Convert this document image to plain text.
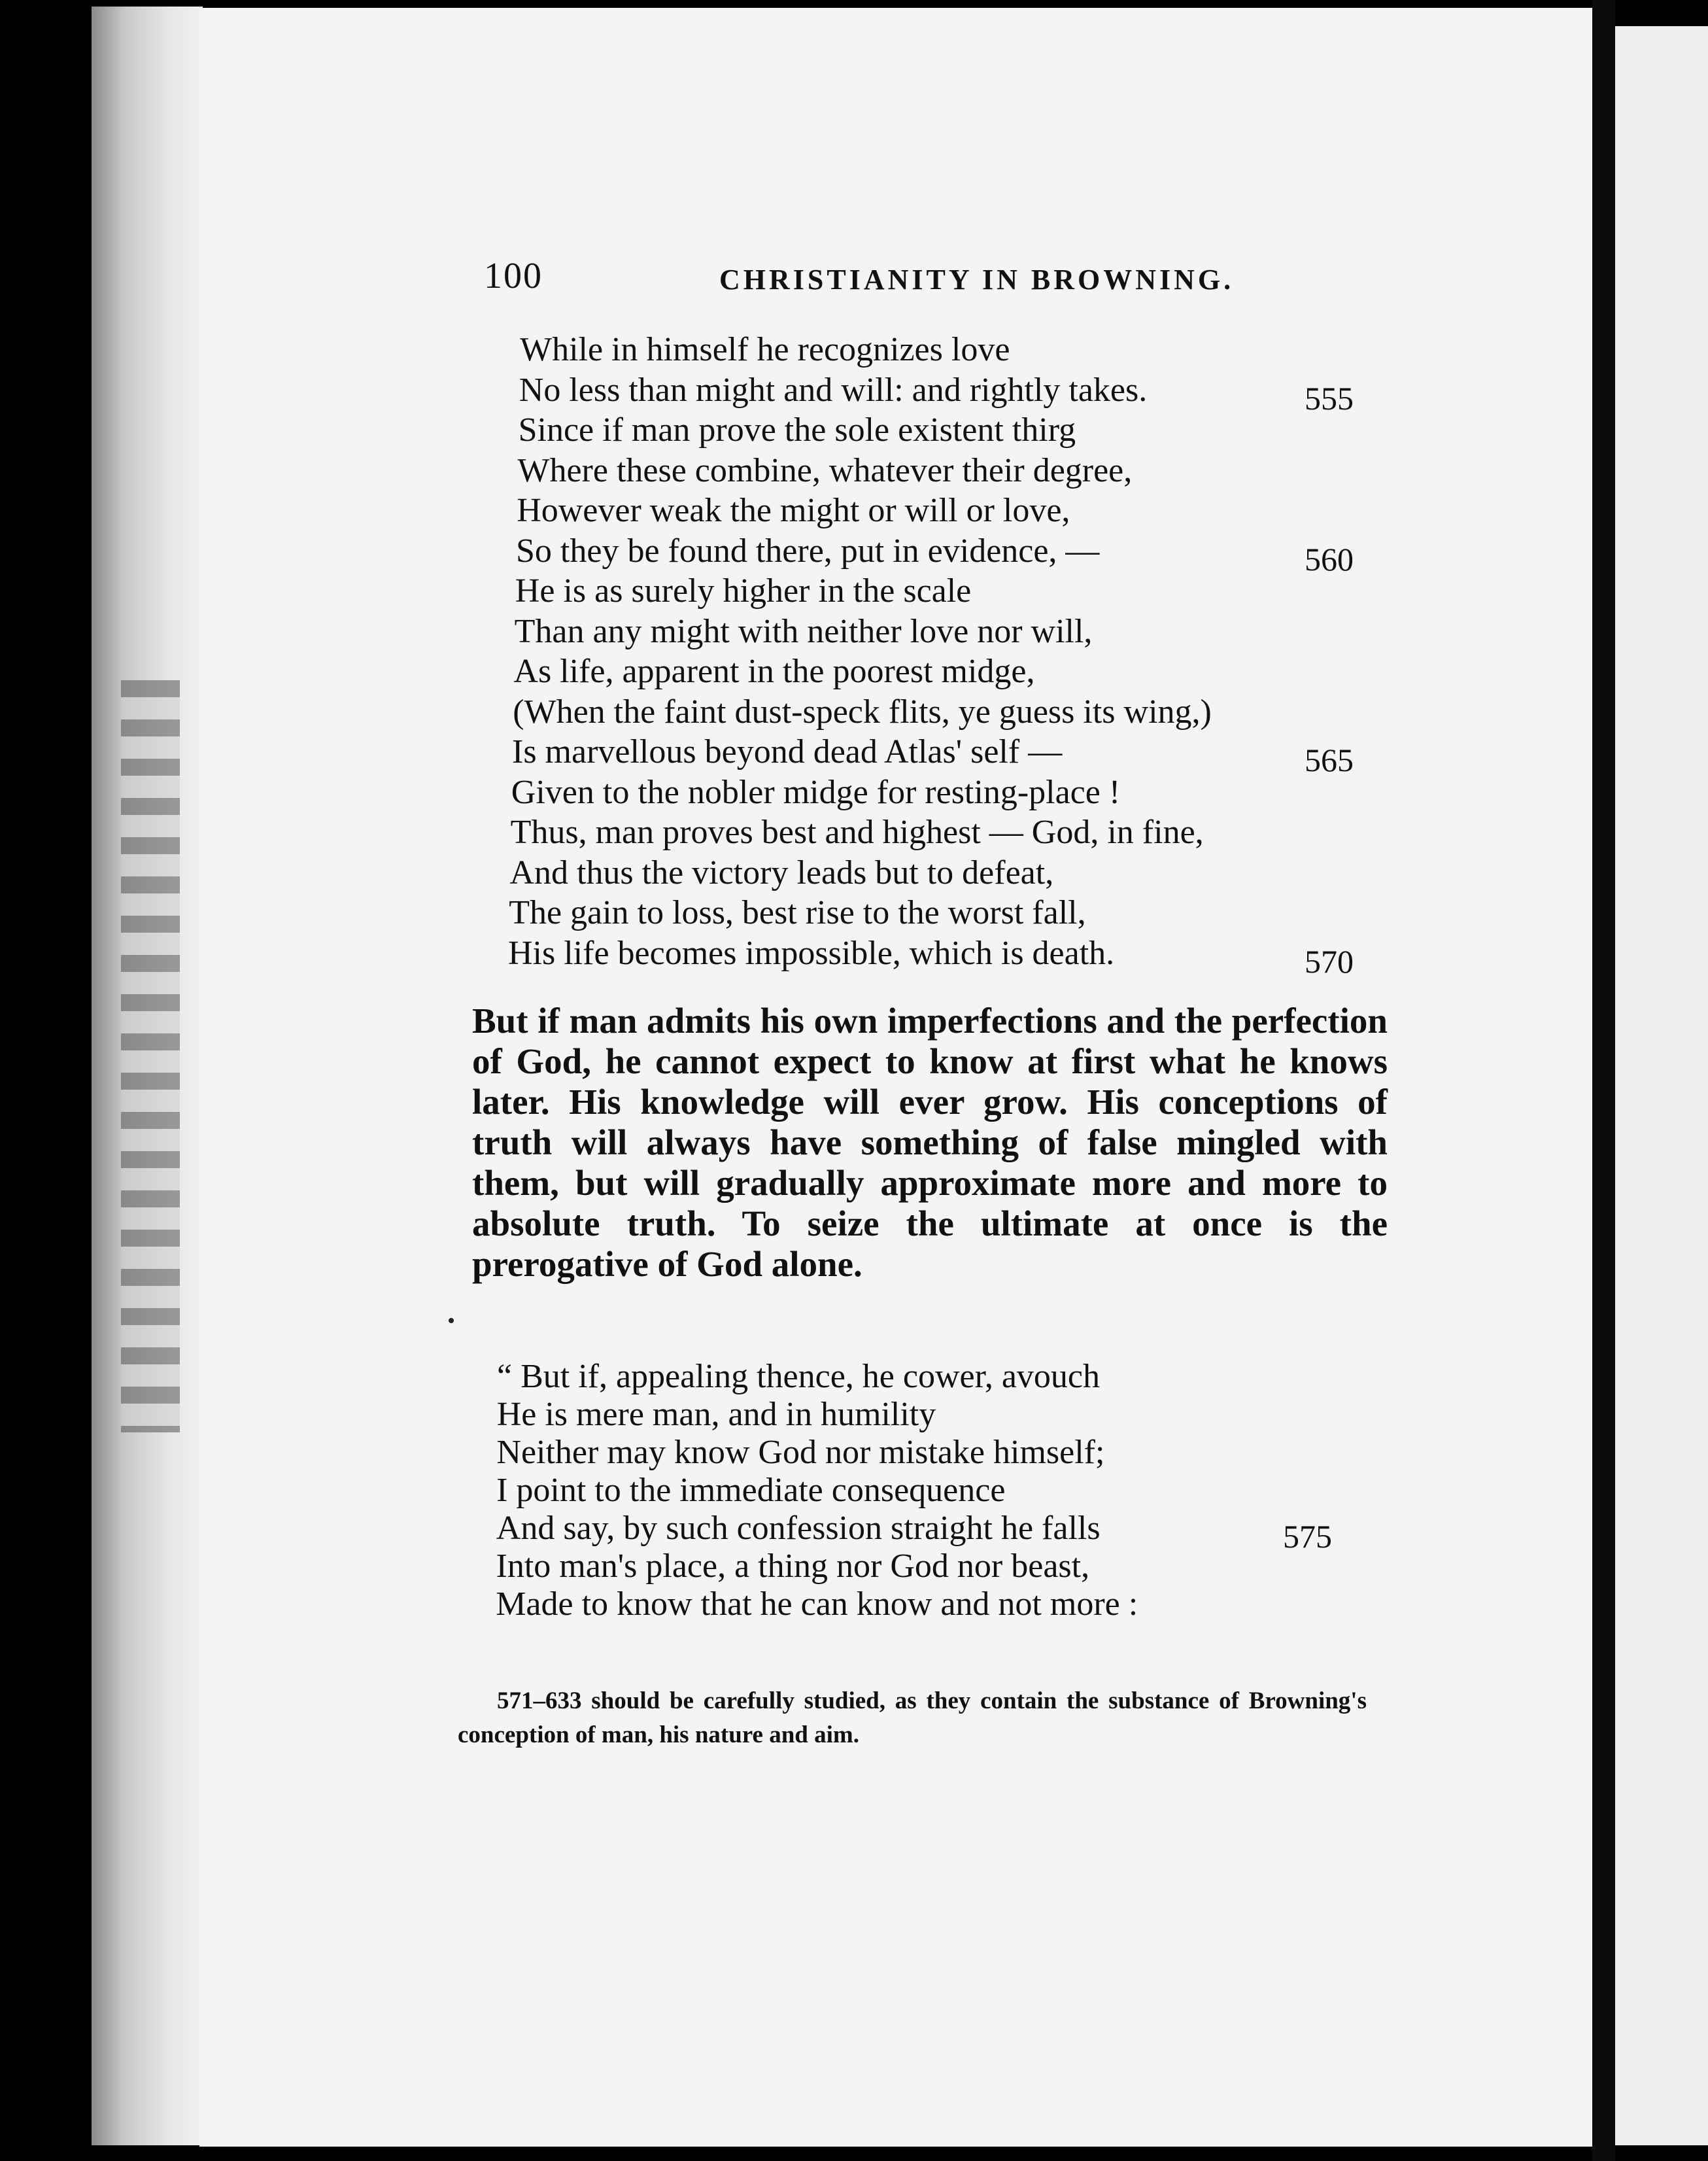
100	CHRISTIANITY IN BROWNING.
While in himself he recognizes love
No less than might and will: and rightly takes.	555
Since if man prove the sole existent thirg
Where these combine, whatever their degree,
However weak the might or will or love,
So they be found there, put in evidence, —	560
He is as surely higher in the scale
Than any might with neither love nor will,
As life, apparent in the poorest midge,
(When the faint dust-speck flits, ye guess its wing,)
Is marvellous beyond dead Atlas' self —	565
Given to the nobler midge for resting-place !
Thus, man proves best and highest — God, in fine,
And thus the victory leads but to defeat,
The gain to loss, best rise to the worst fall,
His life becomes impossible, which is death.	570
But if man admits his own imperfections and the perfection of God, he cannot expect to know at first what he knows later. His knowledge will ever grow. His conceptions of truth will always have something of false mingled with them, but will gradually approximate more and more to absolute truth. To seize the ultimate at once is the prerogative of God alone.
“ But if, appealing thence, he cower, avouch
He is mere man, and in humility
Neither may know God nor mistake himself;
I point to the immediate consequence
And say, by such confession straight he falls	575
Into man's place, a thing nor God nor beast,
Made to know that he can know and not more :
571–633 should be carefully studied, as they contain the substance of Browning's conception of man, his nature and aim.
